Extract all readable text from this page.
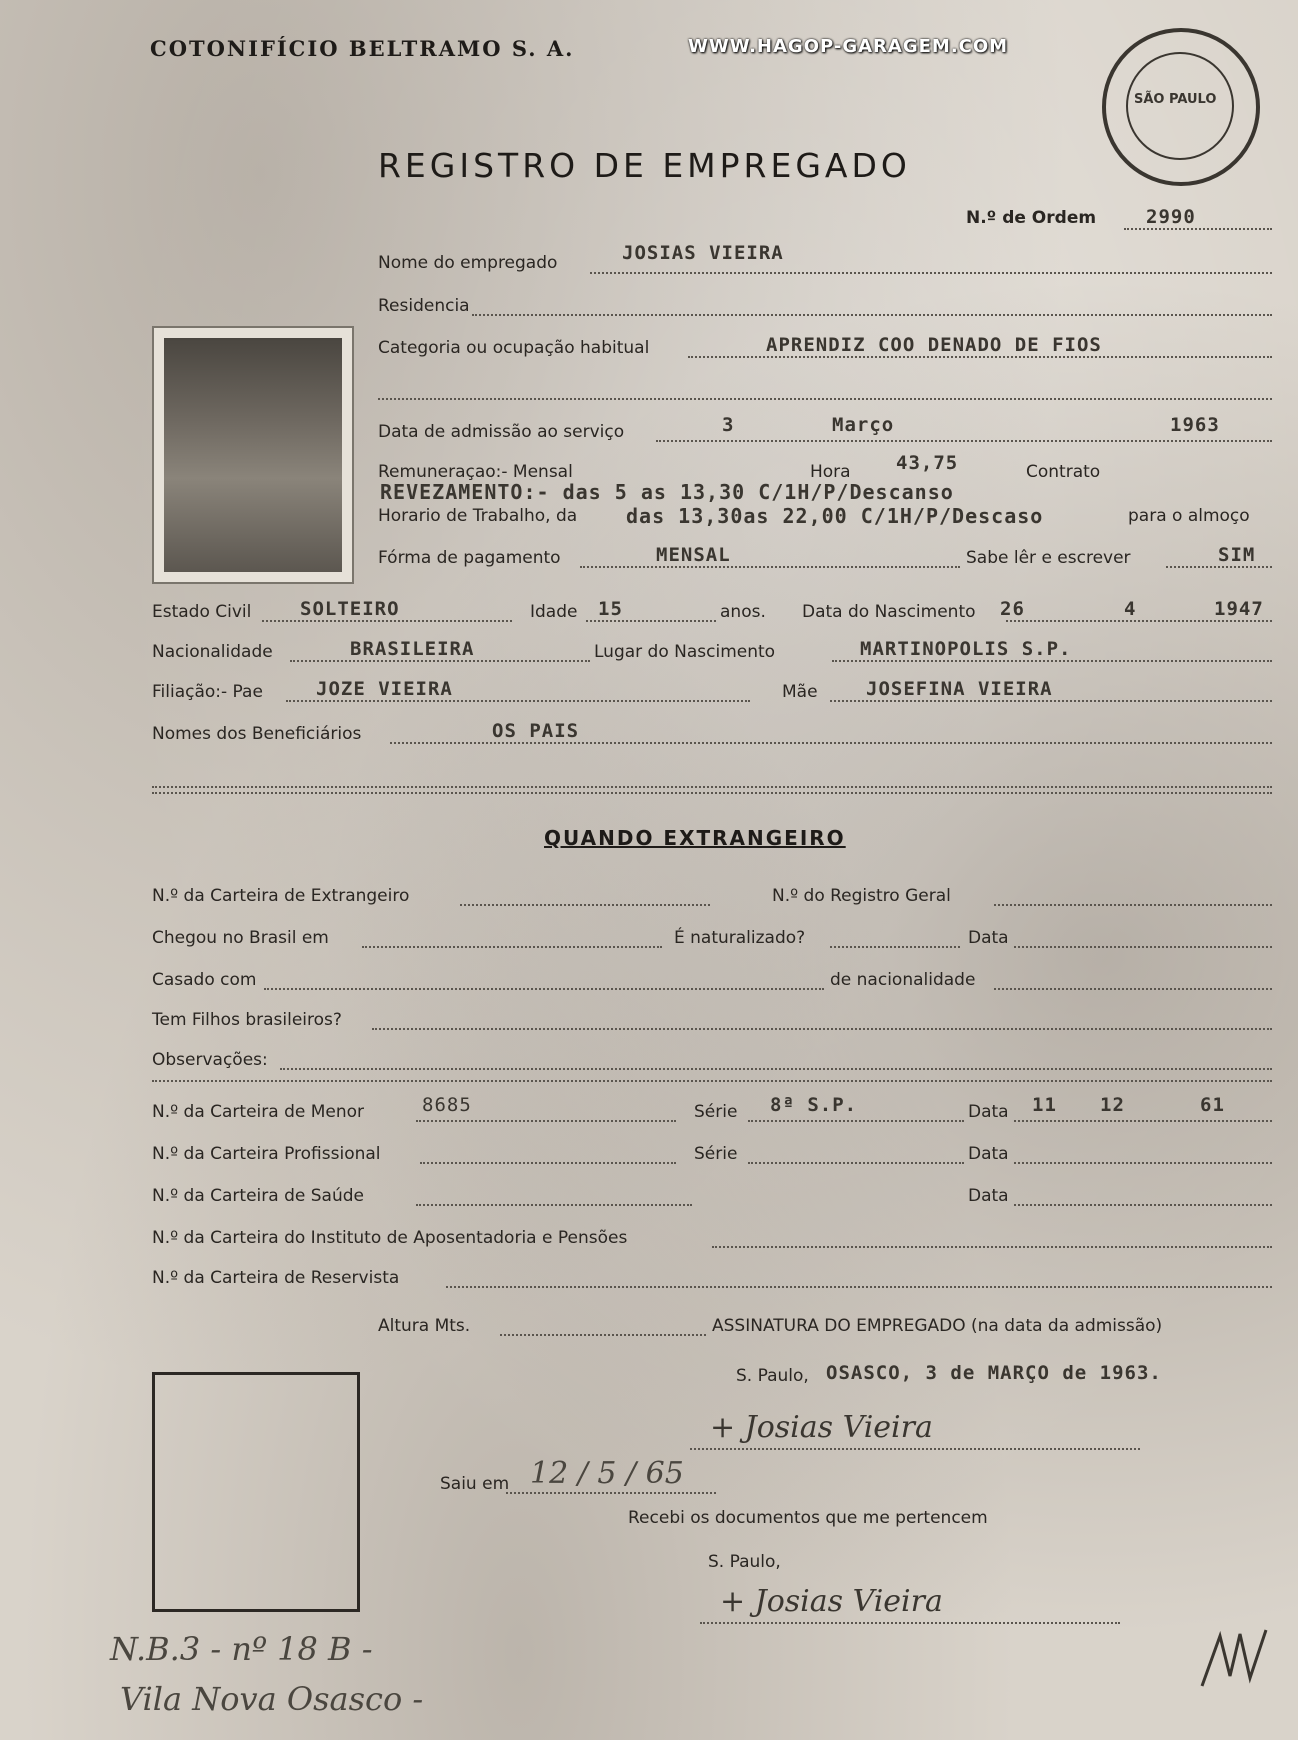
COTONIFÍCIO BELTRAMO S. A.	WWW.HAGOP-GARAGEM.COM
SÃO PAULO
REGISTRO DE EMPREGADO
N.º de Ordem	2990
Nome do empregado	JOSIAS VIEIRA
Residencia
Categoria ou ocupação habitual	APRENDIZ COO DENADO DE FIOS
Data de admissão ao serviço	3	Março	1963
Remuneraçao:- Mensal	Hora 43,75	Contrato
REVEZAMENTO:- das 5 as 13,30 C/1H/P/Descanso
Horario de Trabalho, da das 13,30as 22,00 C/1H/P/Descaso	para o almoço
Fórma de pagamento	MENSAL	Sabe lêr e escrever	SIM
Estado Civil	SOLTEIRO	Idade 15	anos. Data do Nascimento 26	4	1947
Nacionalidade	BRASILEIRA	Lugar do Nascimento	MARTINOPOLIS S.P.
Filiação:- Pae	JOZE VIEIRA	Mãe	JOSEFINA VIEIRA
Nomes dos Beneficiários	OS PAIS
QUANDO EXTRANGEIRO
N.º da Carteira de Extrangeiro	N.º do Registro Geral
Chegou no Brasil em	É naturalizado?	Data
Casado com	de nacionalidade
Tem Filhos brasileiros?
Observações:
N.º da Carteira de Menor	8685	Série 8ª S.P.	Data 11 12	61
N.º da Carteira Profissional	Série	Data
N.º da Carteira de Saúde	Data
N.º da Carteira do Instituto de Aposentadoria e Pensões
N.º da Carteira de Reservista
Altura Mts.	ASSINATURA DO EMPREGADO (na data da admissão)
S. Paulo, OSASCO, 3 de MARÇO de 1963.
+ Josias Vieira
Saiu em 12 / 5 / 65
Recebi os documentos que me pertencem
S. Paulo,
+ Josias Vieira
N.B.3 - nº 18 B -
Vila Nova Osasco -
